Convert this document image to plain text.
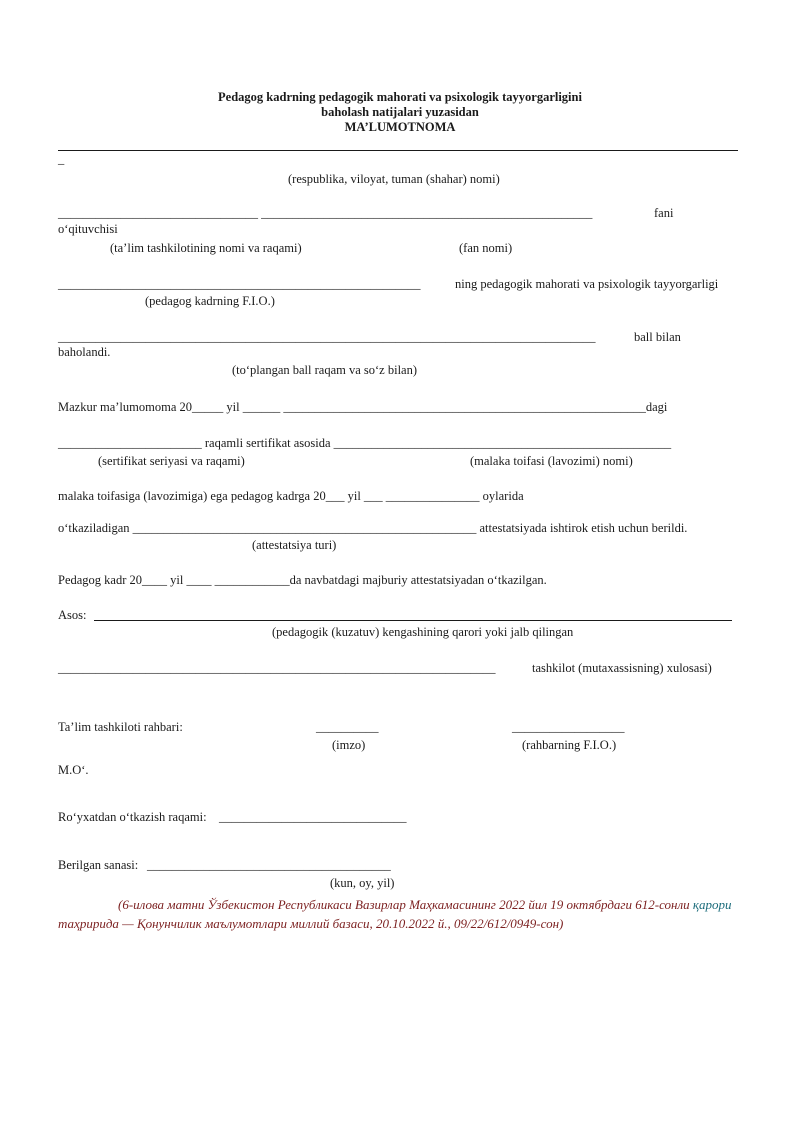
Pedagog kadrning pedagogik mahorati va psixologik tayyorgarligini
baholash natijalari yuzasidan
MA’LUMOTNOMA
_
(respublika, viloyat, tuman (shahar) nomi)
________________________________ _____________________________________________________	fani
o‘qituvchisi
(ta’lim tashkilotining nomi va raqami)	(fan nomi)
__________________________________________________________	ning pedagogik mahorati va psixologik tayyorgarligi
(pedagog kadrning F.I.O.)
______________________________________________________________________________________	ball bilan
baholandi.
(to‘plangan ball raqam va so‘z bilan)
Mazkur ma’lumomoma 20_____ yil ______ __________________________________________________________dagi
_______________________ raqamli sertifikat asosida ______________________________________________________
(sertifikat seriyasi va raqami)	(malaka toifasi (lavozimi) nomi)
malaka toifasiga (lavozimiga) ega pedagog kadrga 20___ yil ___ _______________ oylarida
o‘tkaziladigan _______________________________________________________ attestatsiyada ishtirok etish uchun berildi.
(attestatsiya turi)
Pedagog kadr 20____ yil ____ ____________da navbatdagi majburiy attestatsiyadan o‘tkazilgan.
Asos:
(pedagogik (kuzatuv) kengashining qarori yoki jalb qilingan
______________________________________________________________________	tashkilot (mutaxassisning) xulosasi)
Ta’lim tashkiloti rahbari:	__________	__________________
(imzo)	(rahbarning F.I.O.)
M.O‘.
Ro‘yxatdan o‘tkazish raqami: ______________________________
Berilgan sanasi: _______________________________________
(kun, oy, yil)
(6-илова матни Ўзбекистон Республикаси Вазирлар Маҳкамасининг 2022 йил 19 октябрдаги 612-сонли қарори таҳририда — Қонунчилик маълумотлари миллий базаси, 20.10.2022 й., 09/22/612/0949-сон)
